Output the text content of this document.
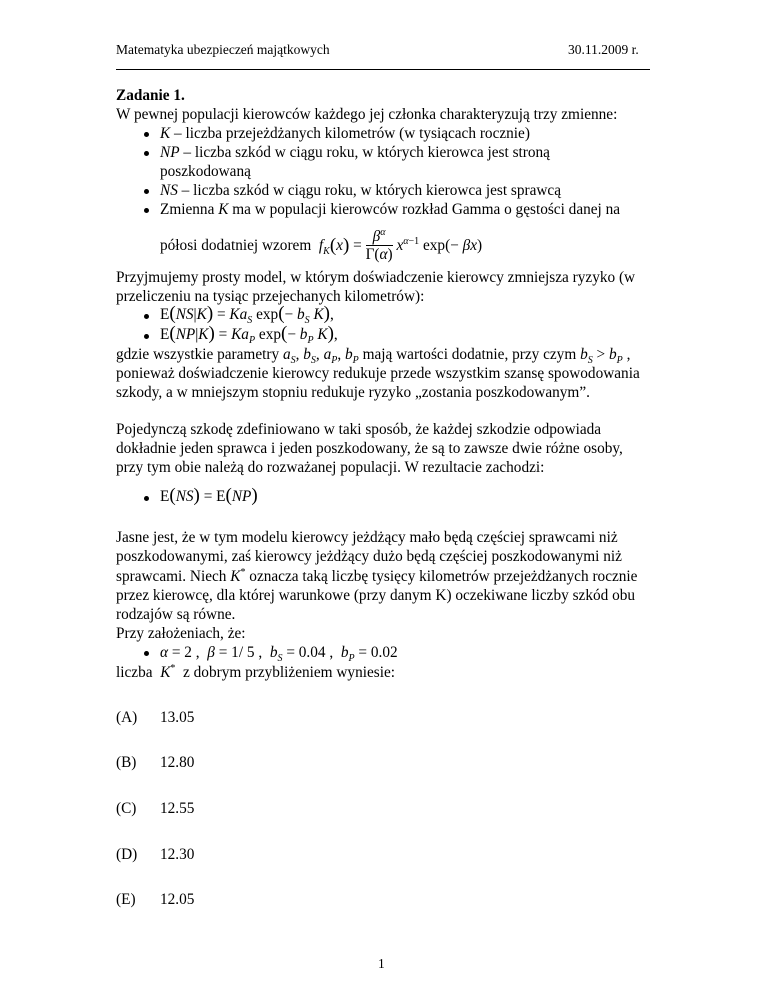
Matematyka ubezpieczeń majątkowych	30.11.2009 r.
Zadanie 1.
W pewnej populacji kierowców każdego jej członka charakteryzują trzy zmienne:
K – liczba przejeżdżanych kilometrów (w tysiącach rocznie)
NP – liczba szkód w ciągu roku, w których kierowca jest stroną
poszkodowaną
NS – liczba szkód w ciągu roku, w których kierowca jest sprawcą
Zmienna K ma w populacji kierowców rozkład Gamma o gęstości danej na
półosi dodatniej wzorem  $f_K(x) = \frac{\beta^\alpha}{\Gamma(\alpha)} x^{\alpha-1}$ exp(− βx)
Przyjmujemy prosty model, w którym doświadczenie kierowcy zmniejsza ryzyko (w
przeliczeniu na tysiąc przejechanych kilometrów):
$E(NS|K) = Ka_S$ $\exp(- b_S$ K),
$E(NP|K) = Ka_P$ $\exp(- b_P$ K),
gdzie wszystkie parametry $a_S$, $b_S$, $a_P$, $b_P$ mają wartości dodatnie, przy czym $b_S > b_P$ ,
ponieważ doświadczenie kierowcy redukuje przede wszystkim szansę spowodowania
szkody, a w mniejszym stopniu redukuje ryzyko „zostania poszkodowanym”.
Pojedynczą szkodę zdefiniowano w taki sposób, że każdej szkodzie odpowiada
dokładnie jeden sprawca i jeden poszkodowany, że są to zawsze dwie różne osoby,
przy tym obie należą do rozważanej populacji. W rezultacie zachodzi:
E(NS) = E(NP)
Jasne jest, że w tym modelu kierowcy jeżdżący mało będą częściej sprawcami niż
poszkodowanymi, zaś kierowcy jeżdżący dużo będą częściej poszkodowanymi niż
sprawcami. Niech K* oznacza taką liczbę tysięcy kilometrów przejeżdżanych rocznie
przez kierowcę, dla której warunkowe (przy danym K) oczekiwane liczby szkód obu
rodzajów są równe.
Przy założeniach, że:
α = 2 ,  β = 1/ 5 ,  $b_S = 0.04$ ,  $b_P = 0.02$
liczba K* z dobrym przybliżeniem wyniesie:
(A) 13.05
(B) 12.80
(C) 12.55
(D) 12.30
(E) 12.05
1
